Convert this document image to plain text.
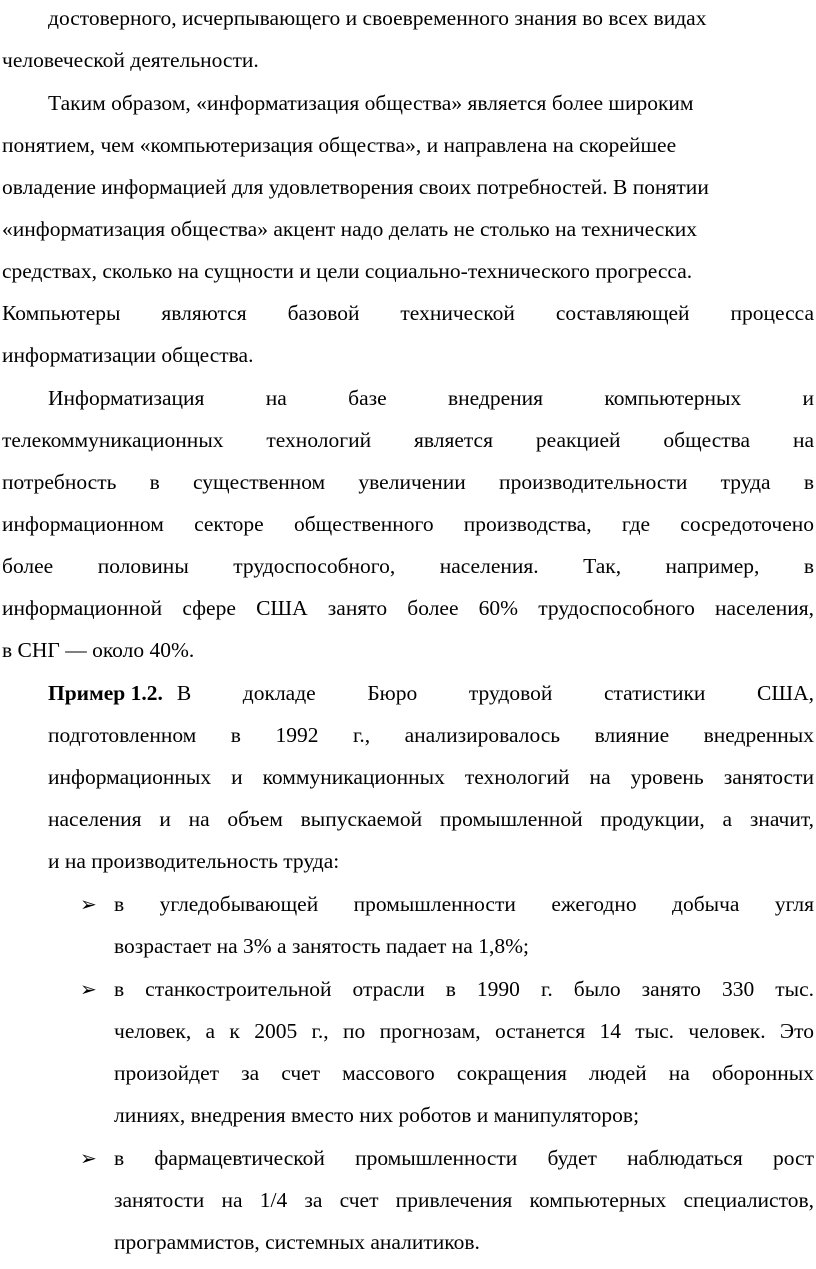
достоверного, исчерпывающего и своевременного знания во всех видах
человеческой деятельности.
Таким образом, «информатизация общества» является более широким
понятием, чем «компьютеризация общества», и направлена на скорейшее
овладение информацией для удовлетворения своих потребностей. В понятии
«информатизация общества» акцент надо делать не столько на технических
средствах, сколько на сущности и цели социально-технического прогресса.
Компьютеры являются базовой технической составляющей процесса
информатизации общества.
Информатизация на базе внедрения компьютерных и
телекоммуникационных технологий является реакцией общества на
потребность в существенном увеличении производительности труда в
информационном секторе общественного производства, где сосредоточено
более половины трудоспособного, населения. Так, например, в
информационной сфере США занято более 60% трудоспособного населения,
в СНГ — около 40%.
Пример 1.2. В докладе Бюро трудовой статистики США,
подготовленном в 1992 г., анализировалось влияние внедренных
информационных и коммуникационных технологий на уровень занятости
населения и на объем выпускаемой промышленной продукции, а значит,
и на производительность труда:
➢ в угледобывающей промышленности ежегодно добыча угля
возрастает на 3% а занятость падает на 1,8%;
➢ в станкостроительной отрасли в 1990 г. было занято 330 тыс.
человек, а к 2005 г., по прогнозам, останется 14 тыс. человек. Это
произойдет за счет массового сокращения людей на оборонных
линиях, внедрения вместо них роботов и манипуляторов;
➢ в фармацевтической промышленности будет наблюдаться рост
занятости на 1/4 за счет привлечения компьютерных специалистов,
программистов, системных аналитиков.
